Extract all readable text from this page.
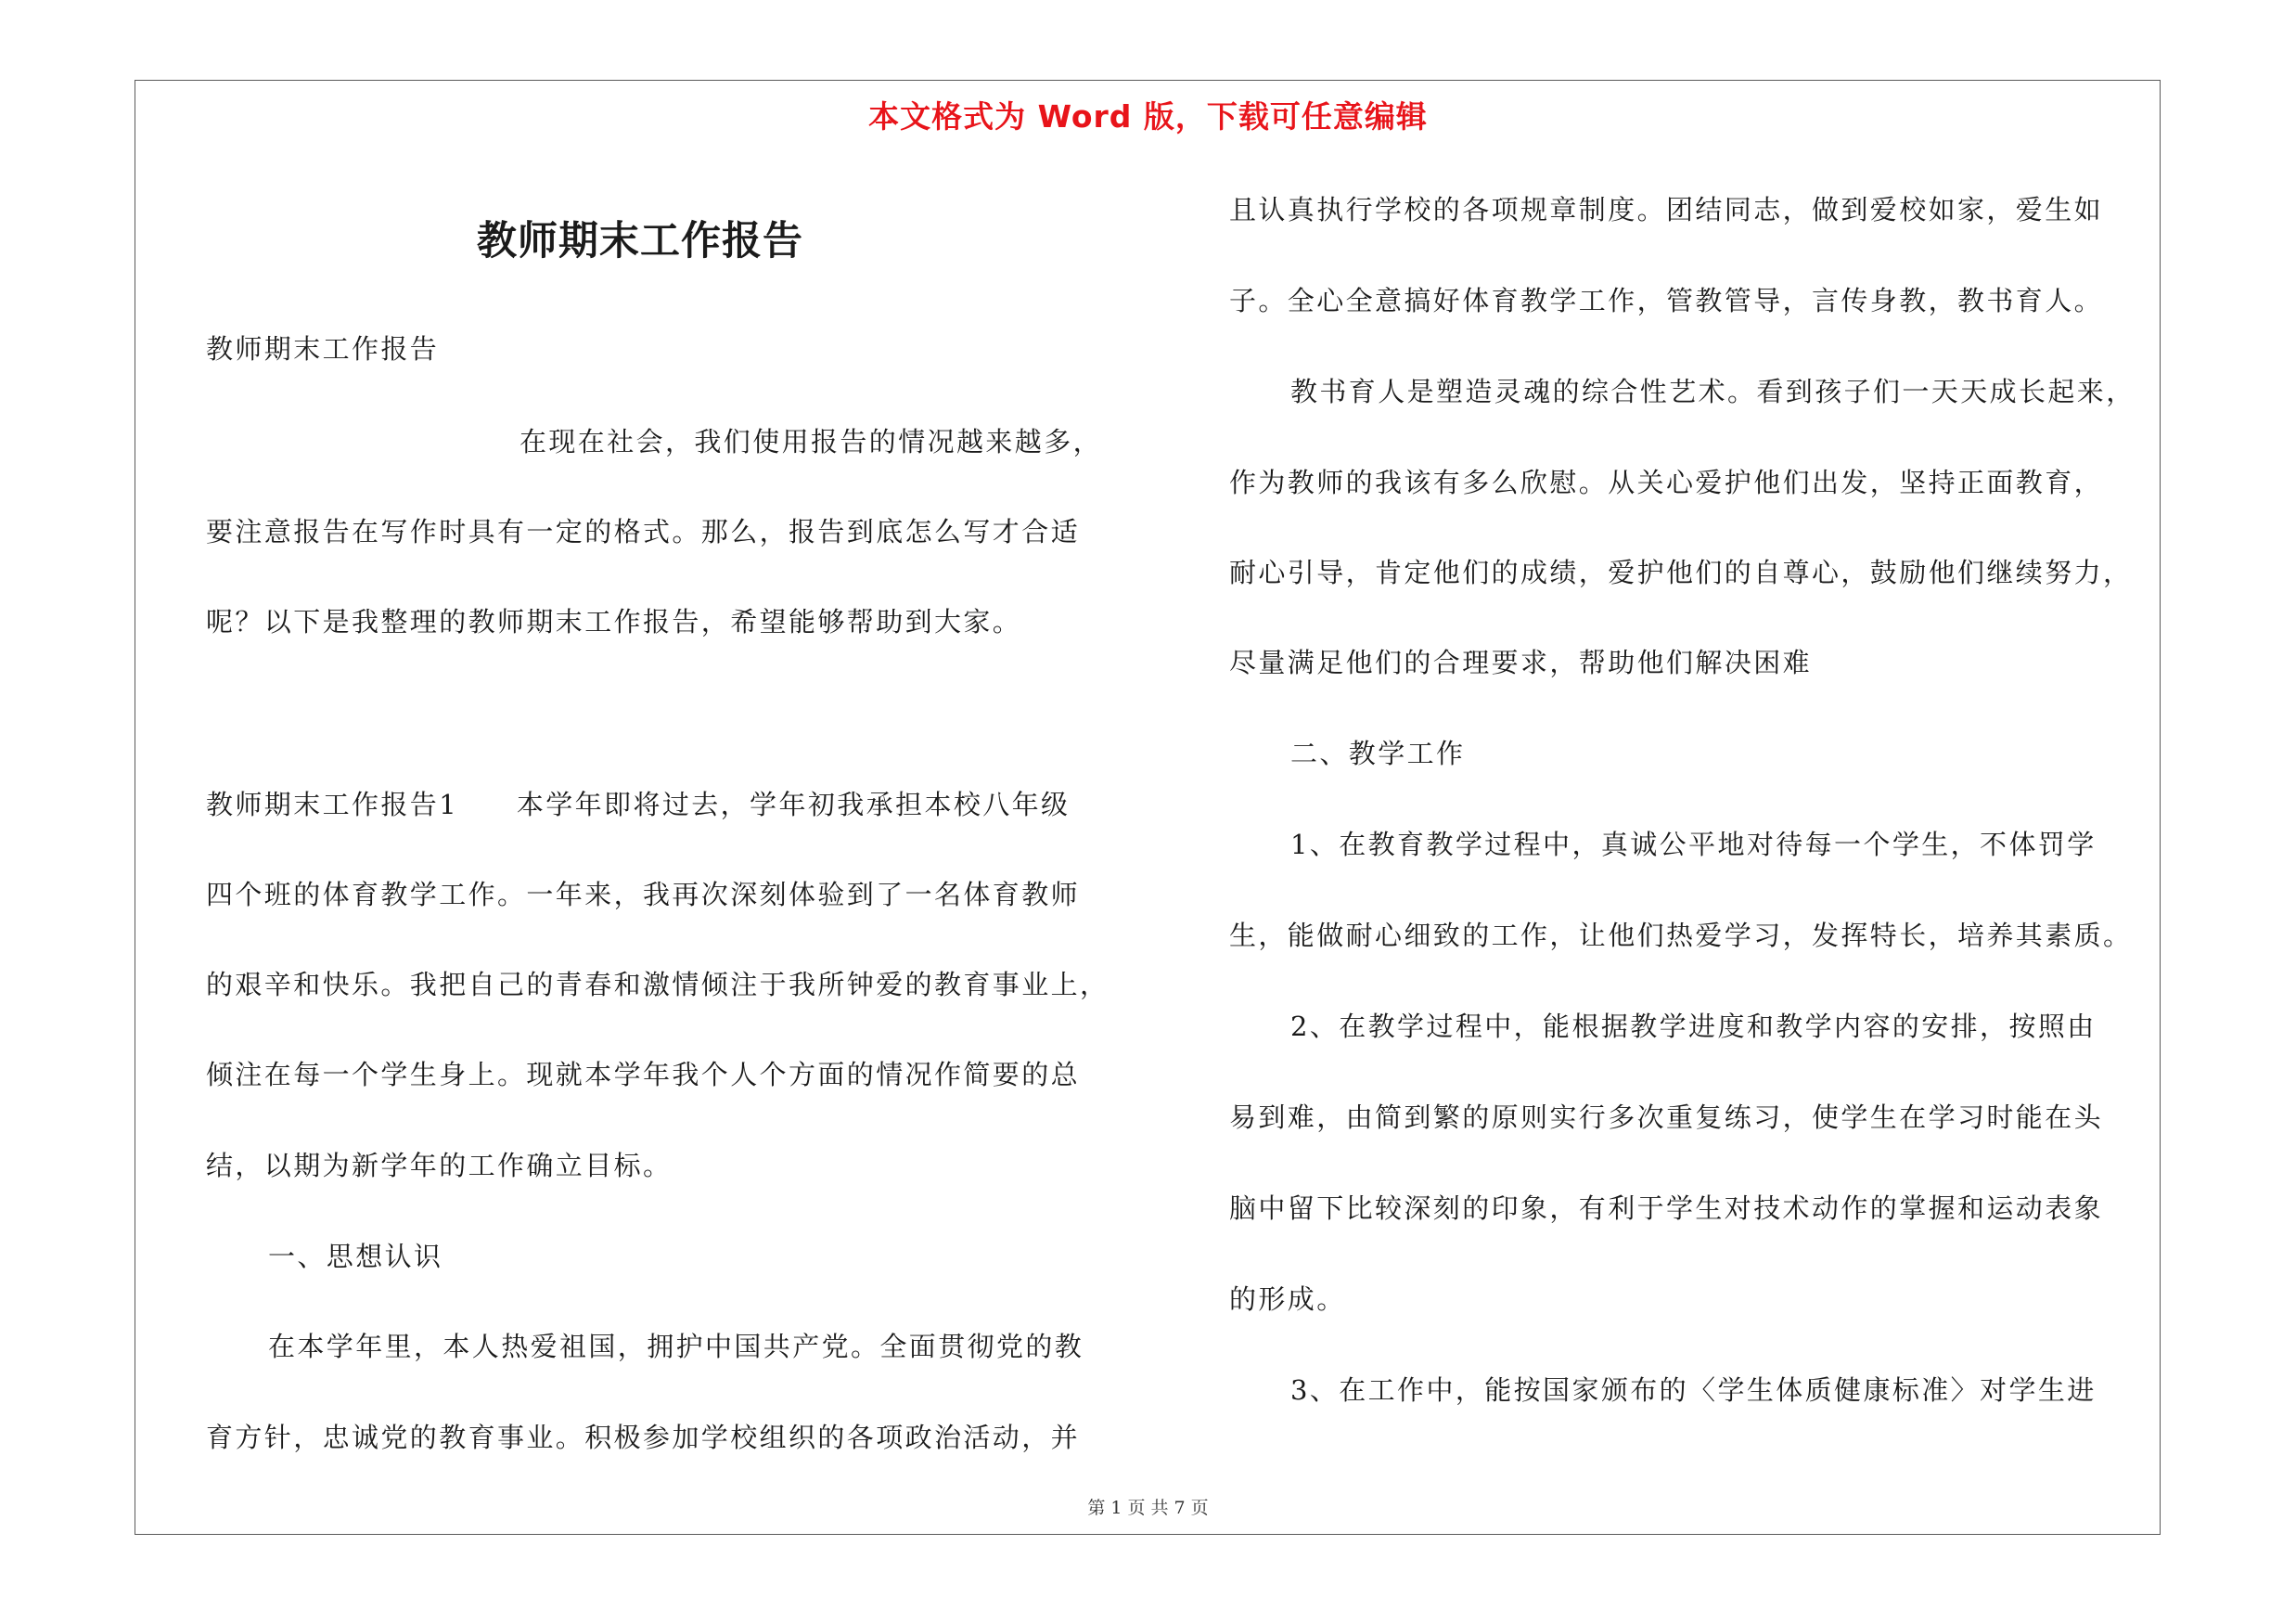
本文格式为 Word 版，下载可任意编辑
教师期末工作报告
教师期末工作报告
在现在社会，我们使用报告的情况越来越多，
要注意报告在写作时具有一定的格式。那么，报告到底怎么写才合适
呢？以下是我整理的教师期末工作报告，希望能够帮助到大家。
教师期末工作报告1　　本学年即将过去，学年初我承担本校八年级
四个班的体育教学工作。一年来，我再次深刻体验到了一名体育教师
的艰辛和快乐。我把自己的青春和激情倾注于我所钟爱的教育事业上，
倾注在每一个学生身上。现就本学年我个人个方面的情况作简要的总
结，以期为新学年的工作确立目标。
一、思想认识
在本学年里，本人热爱祖国，拥护中国共产党。全面贯彻党的教
育方针，忠诚党的教育事业。积极参加学校组织的各项政治活动，并
且认真执行学校的各项规章制度。团结同志，做到爱校如家，爱生如
子。全心全意搞好体育教学工作，管教管导，言传身教，教书育人。
教书育人是塑造灵魂的综合性艺术。看到孩子们一天天成长起来，
作为教师的我该有多么欣慰。从关心爱护他们出发，坚持正面教育，
耐心引导，肯定他们的成绩，爱护他们的自尊心，鼓励他们继续努力，
尽量满足他们的合理要求，帮助他们解决困难
二、教学工作
1、在教育教学过程中，真诚公平地对待每一个学生，不体罚学
生，能做耐心细致的工作，让他们热爱学习，发挥特长，培养其素质。
2、在教学过程中，能根据教学进度和教学内容的安排，按照由
易到难，由简到繁的原则实行多次重复练习，使学生在学习时能在头
脑中留下比较深刻的印象，有利于学生对技术动作的掌握和运动表象
的形成。
3、在工作中，能按国家颁布的〈学生体质健康标准〉对学生进
第 1 页 共 7 页
